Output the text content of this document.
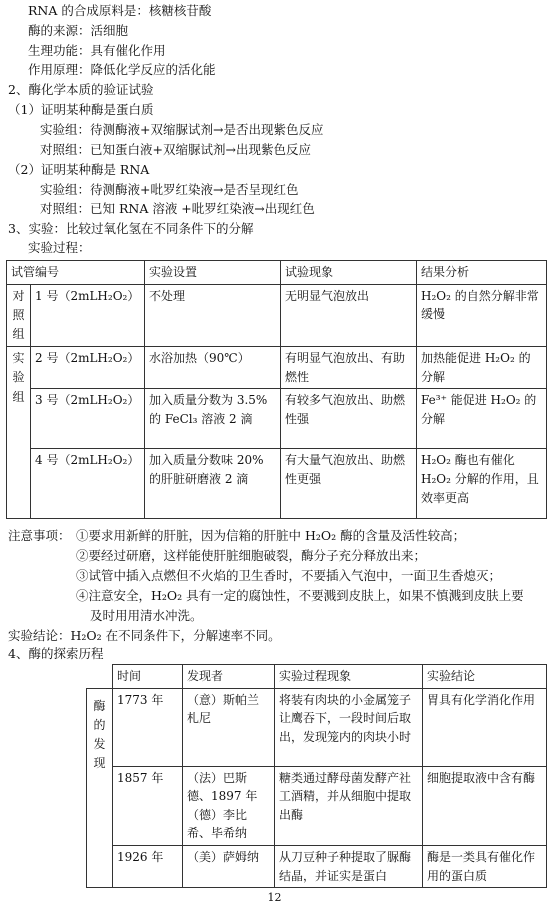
RNA 的合成原料是：核糖核苷酸
酶的来源：活细胞
生理功能：具有催化作用
作用原理：降低化学反应的活化能
2、酶化学本质的验证试验
（1）证明某种酶是蛋白质
实验组：待测酶液+双缩脲试剂→是否出现紫色反应
对照组：已知蛋白液+双缩脲试剂→出现紫色反应
（2）证明某种酶是 RNA
实验组：待测酶液+吡罗红染液→是否呈现红色
对照组：已知 RNA 溶液 +吡罗红染液→出现红色
3、实验：比较过氧化氢在不同条件下的分解
实验过程：
试管编号		实验设置	试验现象	结果分析

对照组	1 号（2mLH₂O₂）	不处理	无明显气泡放出	H₂O₂ 的自然分解非常缓慢

实验组	2 号（2mLH₂O₂）	水浴加热（90℃）	有明显气泡放出、有助燃性	加热能促进 H₂O₂ 的分解
	3 号（2mLH₂O₂）	加入质量分数为 3.5% 的 FeCl₃ 溶液 2 滴	有较多气泡放出、助燃性强	Fe³⁺ 能促进 H₂O₂ 的分解
	4 号（2mLH₂O₂）	加入质量分数味 20% 的肝脏研磨液 2 滴	有大量气泡放出、助燃性更强	H₂O₂ 酶也有催化 H₂O₂ 分解的作用，且效率更高
注意事项： ①要求用新鲜的肝脏，因为信箱的肝脏中 H₂O₂ 酶的含量及活性较高；
②要经过研磨，这样能使肝脏细胞破裂，酶分子充分释放出来；
③试管中插入点燃但不火焰的卫生香时，不要插入气泡中，一面卫生香熄灭；
④注意安全，H₂O₂ 具有一定的腐蚀性，不要溅到皮肤上，如果不慎溅到皮肤上要
及时用用清水冲洗。
实验结论：H₂O₂ 在不同条件下，分解速率不同。
4、酶的探索历程
	时间	发现者	实验过程现象	实验结论

酶的发现	1773 年	（意）斯帕兰札尼	将装有肉块的小金属笼子让鹰吞下，一段时间后取出，发现笼内的肉块小时	胃具有化学消化作用
	1857 年	（法）巴斯德、1897 年（德）李比希、毕希纳	糖类通过酵母菌发酵产社工酒精，并从细胞中提取出酶	细胞提取液中含有酶
	1926 年	（美）萨姆纳	从刀豆种子种提取了脲酶结晶，并证实是蛋白	酶是一类具有催化作用的蛋白质
12
